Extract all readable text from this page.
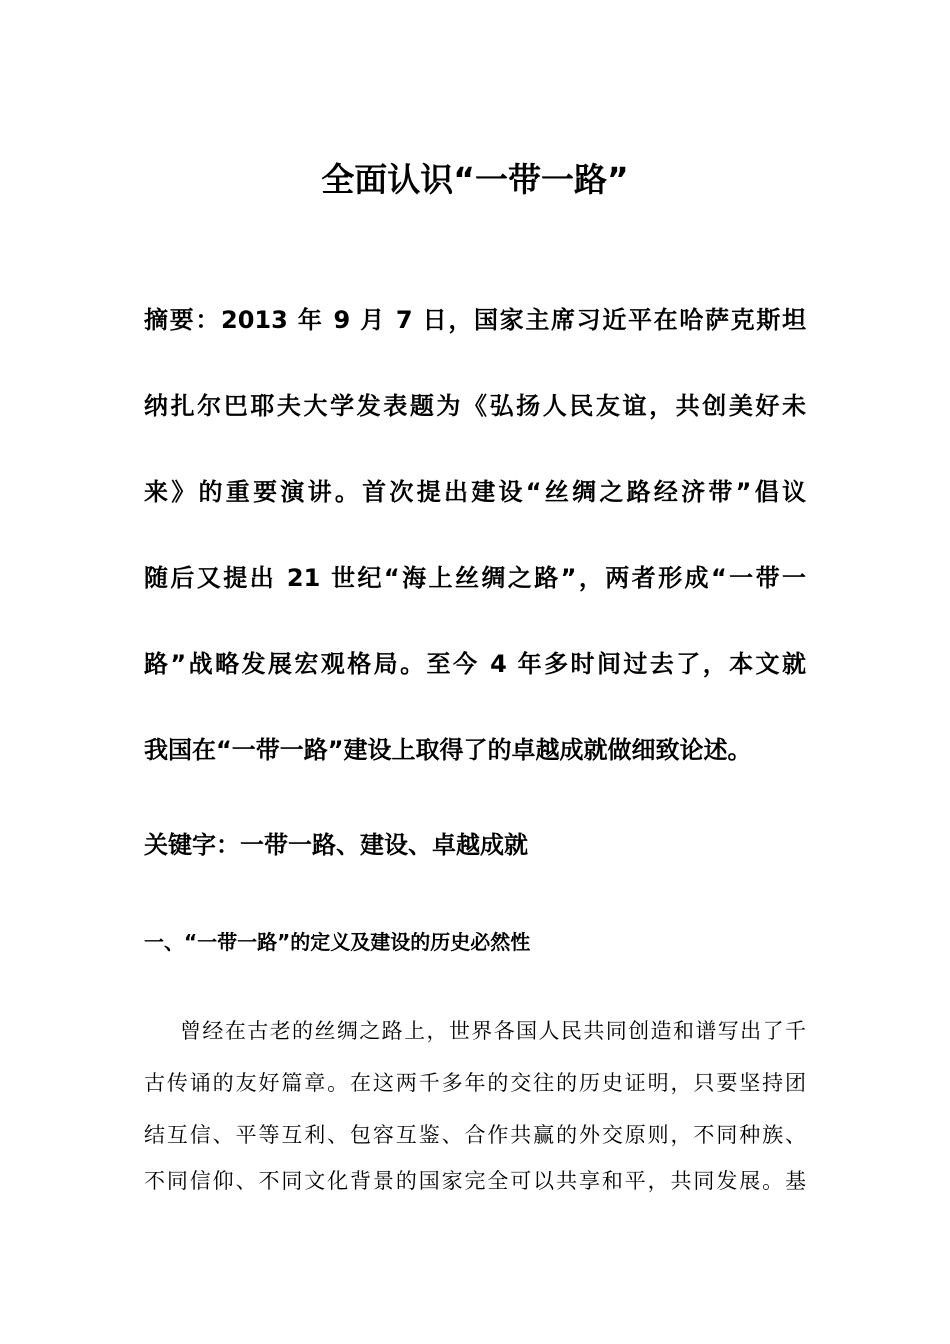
全面认识“一带一路”
摘要：2013 年 9 月 7 日，国家主席习近平在哈萨克斯坦
纳扎尔巴耶夫大学发表题为《弘扬人民友谊，共创美好未
来》的重要演讲。首次提出建设“丝绸之路经济带”倡议
随后又提出 21 世纪“海上丝绸之路”，两者形成“一带一
路”战略发展宏观格局。至今 4 年多时间过去了，本文就
我国在“一带一路”建设上取得了的卓越成就做细致论述。
关键字：一带一路、建设、卓越成就
一、“一带一路”的定义及建设的历史必然性
曾经在古老的丝绸之路上，世界各国人民共同创造和谱写出了千
古传诵的友好篇章。在这两千多年的交往的历史证明，只要坚持团
结互信、平等互利、包容互鉴、合作共赢的外交原则，不同种族、
不同信仰、不同文化背景的国家完全可以共享和平，共同发展。基
